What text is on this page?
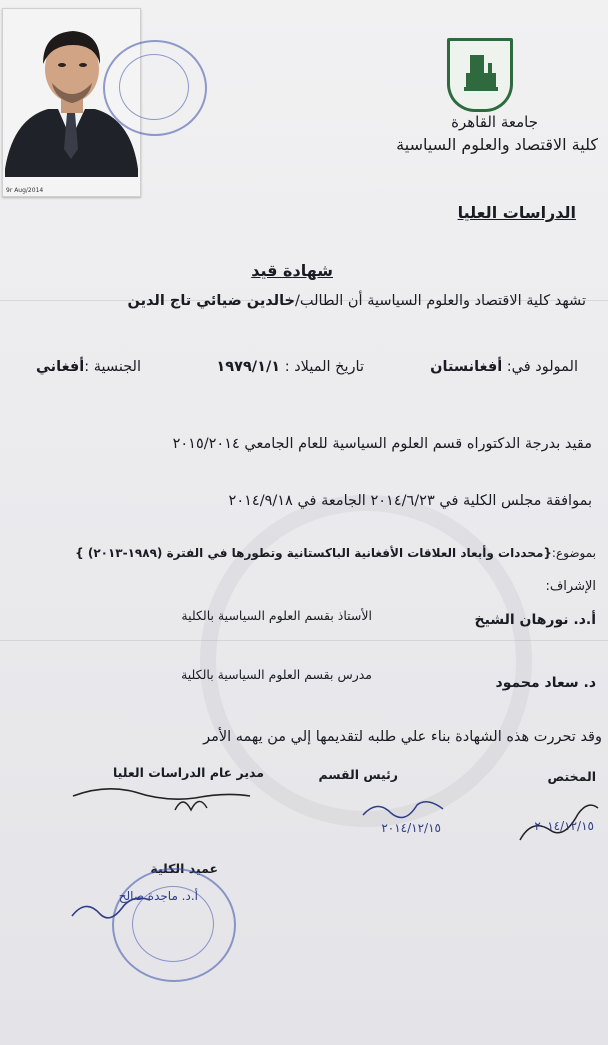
9r Aug/2014
جامعة القاهرة
كلية الاقتصاد والعلوم السياسية
الدراسات العليا
شهادة قيد
تشهد كلية الاقتصاد والعلوم السياسية أن الطالب/خالدين ضيائي تاج الدين
المولود في: أفغانستان
تاريخ الميلاد : ١٩٧٩/١/١
الجنسية :أفغاني
مقيد بدرجة الدكتوراه قسم العلوم السياسية للعام الجامعي ٢٠١٥/٢٠١٤
بموافقة مجلس الكلية في ٢٠١٤/٦/٢٣ الجامعة في ٢٠١٤/٩/١٨
بموضوع:{محددات وأبعاد العلاقات الأفغانية الباكستانية وتطورها في الفترة (١٩٨٩-٢٠١٣) }
الإشراف:
أ.د. نورهان الشيخ
الأستاذ بقسم العلوم السياسية بالكلية
د. سعاد محمود
مدرس بقسم العلوم السياسية بالكلية
وقد تحررت هذه الشهادة بناء علي طلبه لتقديمها إلي من يهمه الأمر
المختص
رئيس القسم
مدير عام الدراسات العليا
عميد الكلية
٢٠١٤/١٢/١٥	٢٠١٤/١٢/١٥
أ.د. ماجدة صالح
